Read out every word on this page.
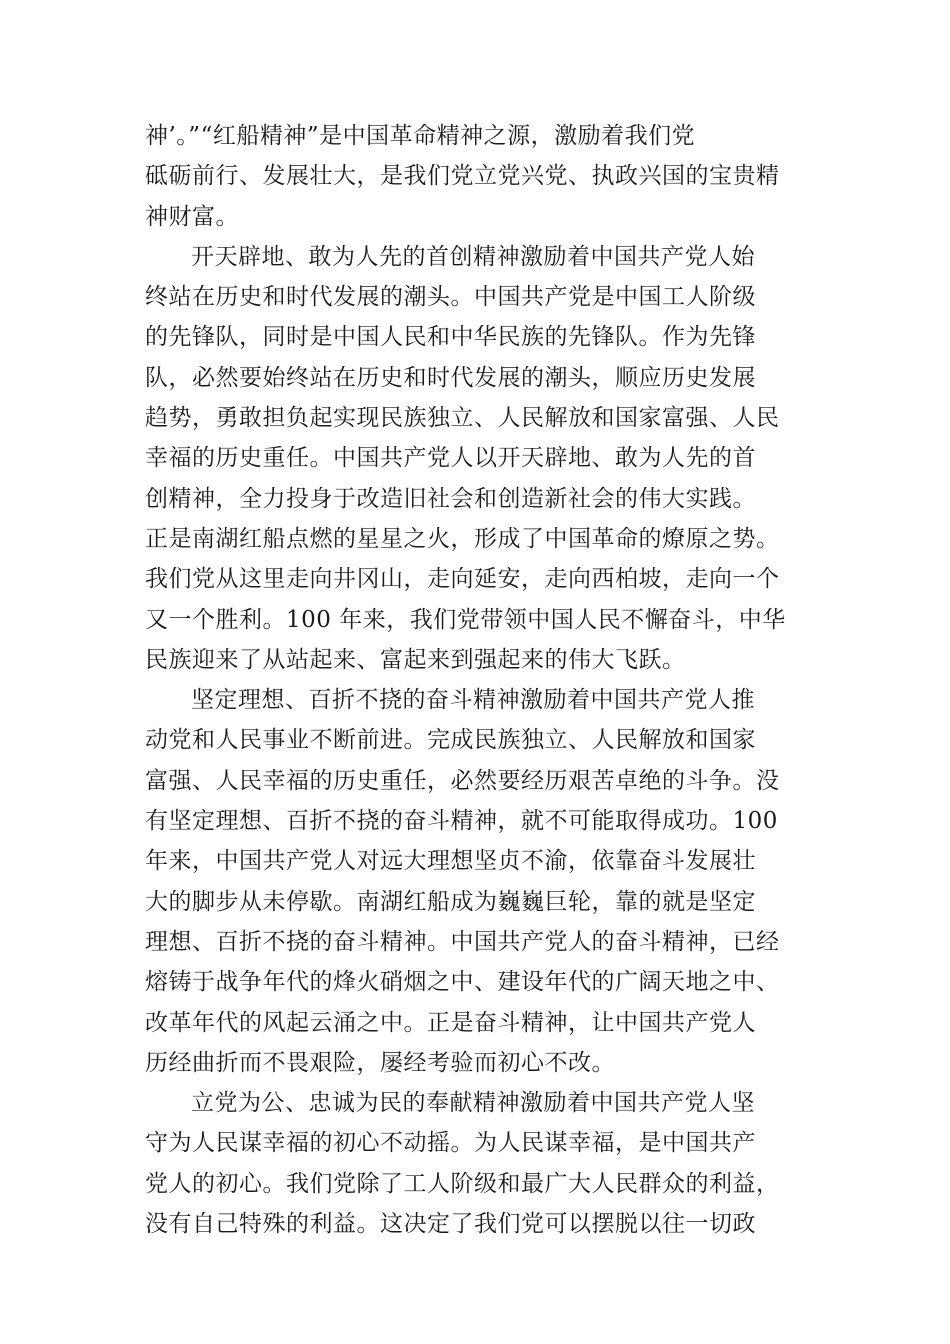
神’。”“红船精神”是中国革命精神之源，激励着我们党
砥砺前行、发展壮大，是我们党立党兴党、执政兴国的宝贵精
神财富。
开天辟地、敢为人先的首创精神激励着中国共产党人始
终站在历史和时代发展的潮头。中国共产党是中国工人阶级
的先锋队，同时是中国人民和中华民族的先锋队。作为先锋
队，必然要始终站在历史和时代发展的潮头，顺应历史发展
趋势，勇敢担负起实现民族独立、人民解放和国家富强、人民
幸福的历史重任。中国共产党人以开天辟地、敢为人先的首
创精神，全力投身于改造旧社会和创造新社会的伟大实践。
正是南湖红船点燃的星星之火，形成了中国革命的燎原之势。
我们党从这里走向井冈山，走向延安，走向西柏坡，走向一个
又一个胜利。100 年来，我们党带领中国人民不懈奋斗，中华
民族迎来了从站起来、富起来到强起来的伟大飞跃。
坚定理想、百折不挠的奋斗精神激励着中国共产党人推
动党和人民事业不断前进。完成民族独立、人民解放和国家
富强、人民幸福的历史重任，必然要经历艰苦卓绝的斗争。没
有坚定理想、百折不挠的奋斗精神，就不可能取得成功。100
年来，中国共产党人对远大理想坚贞不渝，依靠奋斗发展壮
大的脚步从未停歇。南湖红船成为巍巍巨轮，靠的就是坚定
理想、百折不挠的奋斗精神。中国共产党人的奋斗精神，已经
熔铸于战争年代的烽火硝烟之中、建设年代的广阔天地之中、
改革年代的风起云涌之中。正是奋斗精神，让中国共产党人
历经曲折而不畏艰险，屡经考验而初心不改。
立党为公、忠诚为民的奉献精神激励着中国共产党人坚
守为人民谋幸福的初心不动摇。为人民谋幸福，是中国共产
党人的初心。我们党除了工人阶级和最广大人民群众的利益，
没有自己特殊的利益。这决定了我们党可以摆脱以往一切政
